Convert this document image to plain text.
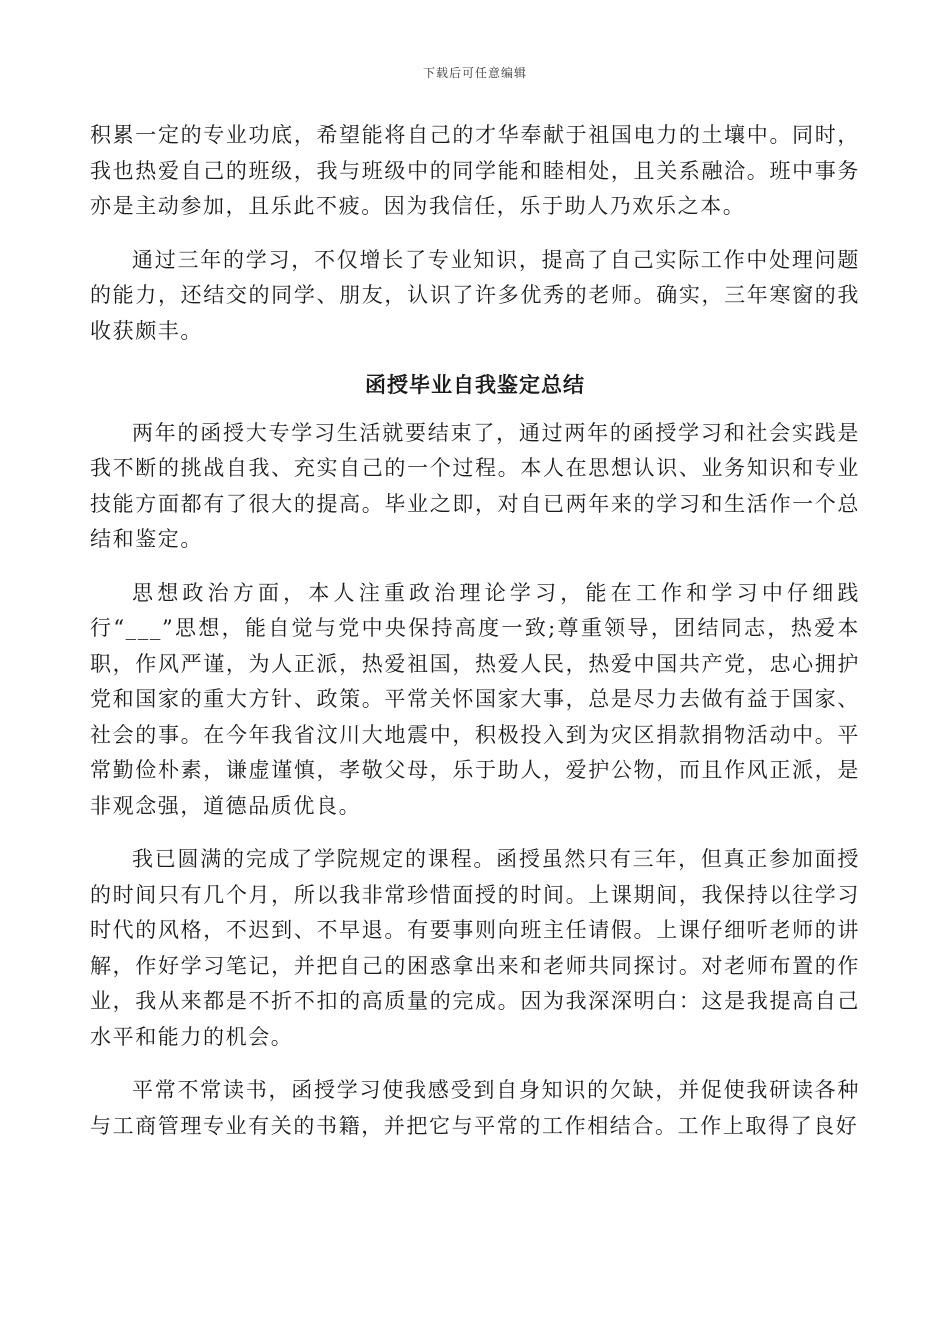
下载后可任意编辑

积累一定的专业功底，希望能将自己的才华奉献于祖国电力的土壤中。同时，我也热爱自己的班级，我与班级中的同学能和睦相处，且关系融洽。班中事务亦是主动参加，且乐此不疲。因为我信任，乐于助人乃欢乐之本。

通过三年的学习，不仅增长了专业知识，提高了自己实际工作中处理问题的能力，还结交的同学、朋友，认识了许多优秀的老师。确实，三年寒窗的我收获颇丰。

函授毕业自我鉴定总结

两年的函授大专学习生活就要结束了，通过两年的函授学习和社会实践是我不断的挑战自我、充实自己的一个过程。本人在思想认识、业务知识和专业技能方面都有了很大的提高。毕业之即，对自已两年来的学习和生活作一个总结和鉴定。

思想政治方面，本人注重政治理论学习，能在工作和学习中仔细践行“___”思想，能自觉与党中央保持高度一致;尊重领导，团结同志，热爱本职，作风严谨，为人正派，热爱祖国，热爱人民，热爱中国共产党，忠心拥护党和国家的重大方针、政策。平常关怀国家大事，总是尽力去做有益于国家、社会的事。在今年我省汶川大地震中，积极投入到为灾区捐款捐物活动中。平常勤俭朴素，谦虚谨慎，孝敬父母，乐于助人，爱护公物，而且作风正派，是非观念强，道德品质优良。

我已圆满的完成了学院规定的课程。函授虽然只有三年，但真正参加面授的时间只有几个月，所以我非常珍惜面授的时间。上课期间，我保持以往学习时代的风格，不迟到、不早退。有要事则向班主任请假。上课仔细听老师的讲解，作好学习笔记，并把自己的困惑拿出来和老师共同探讨。对老师布置的作业，我从来都是不折不扣的高质量的完成。因为我深深明白：这是我提高自己水平和能力的机会。

平常不常读书，函授学习使我感受到自身知识的欠缺，并促使我研读各种与工商管理专业有关的书籍，并把它与平常的工作相结合。工作上取得了良好
